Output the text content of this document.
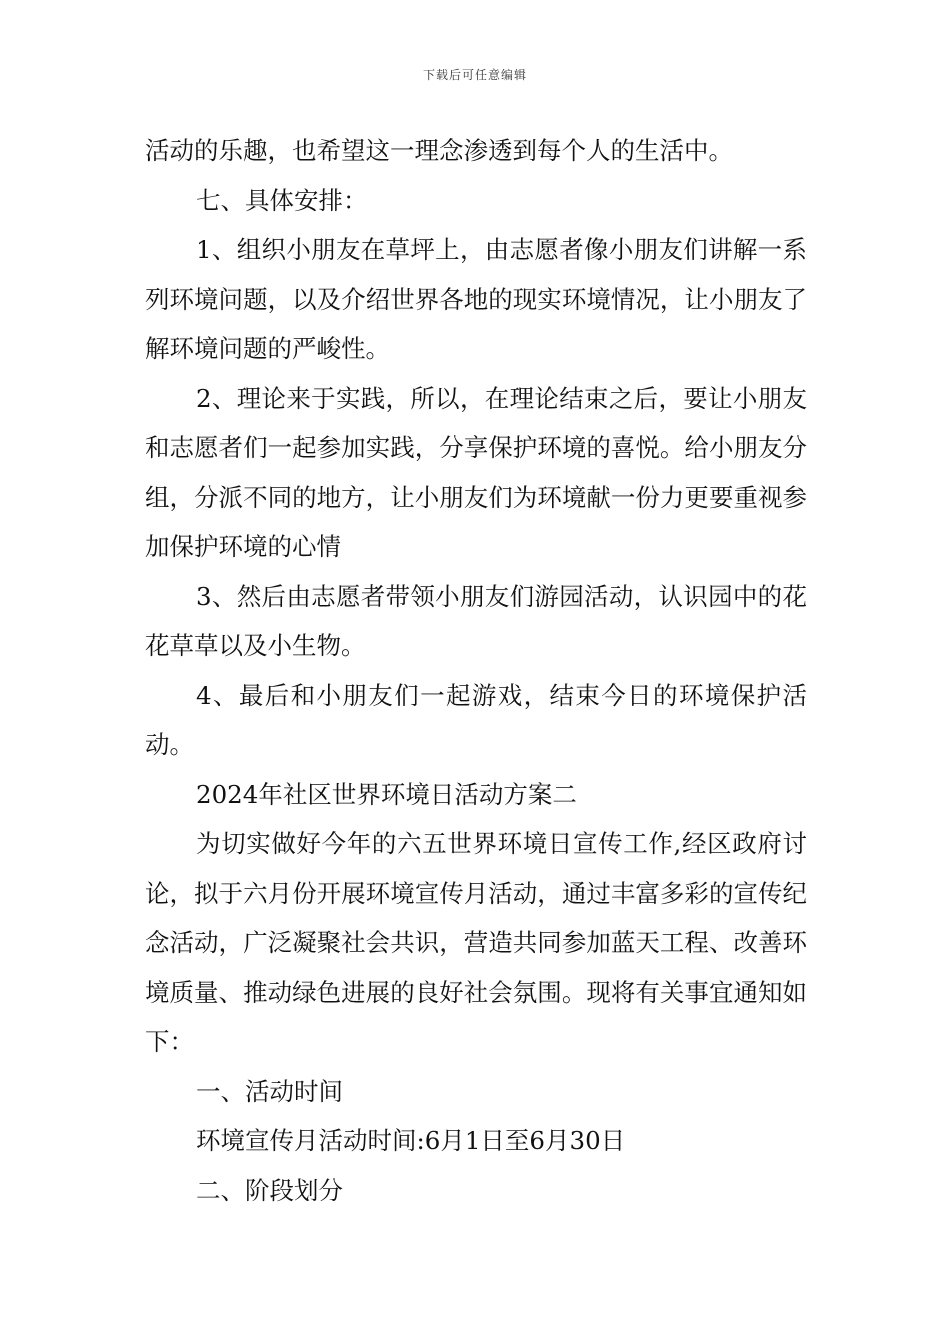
下载后可任意编辑

活动的乐趣，也希望这一理念渗透到每个人的生活中。

七、具体安排：

1、组织小朋友在草坪上，由志愿者像小朋友们讲解一系列环境问题，以及介绍世界各地的现实环境情况，让小朋友了解环境问题的严峻性。

2、理论来于实践，所以，在理论结束之后，要让小朋友和志愿者们一起参加实践，分享保护环境的喜悦。给小朋友分组，分派不同的地方，让小朋友们为环境献一份力更要重视参加保护环境的心情

3、然后由志愿者带领小朋友们游园活动，认识园中的花花草草以及小生物。

4、最后和小朋友们一起游戏，结束今日的环境保护活动。

2024年社区世界环境日活动方案二

为切实做好今年的六五世界环境日宣传工作,经区政府讨论，拟于六月份开展环境宣传月活动，通过丰富多彩的宣传纪念活动，广泛凝聚社会共识，营造共同参加蓝天工程、改善环境质量、推动绿色进展的良好社会氛围。现将有关事宜通知如下：

一、活动时间

环境宣传月活动时间:6月1日至6月30日

二、阶段划分
